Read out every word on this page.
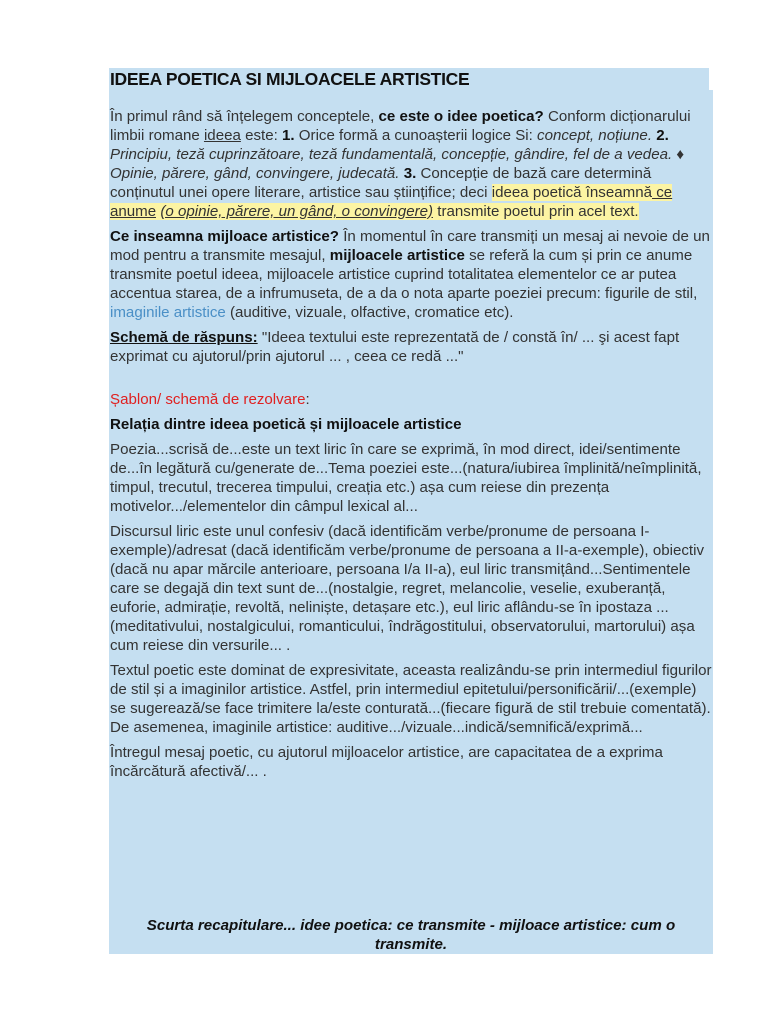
IDEEA POETICA SI MIJLOACELE ARTISTICE

În primul rând să înțelegem conceptele, ce este o idee poetica? Conform dicționarului limbii romane ideea este: 1. Orice formă a cunoașterii logice Si: concept, noțiune. 2. Principiu, teză cuprinzătoare, teză fundamentală, concepție, gândire, fel de a vedea. ♦ Opinie, părere, gând, convingere, judecată. 3. Concepție de bază care determină conținutul unei opere literare, artistice sau științifice; deci ideea poetică înseamnă ce anume (o opinie, părere, un gând, o convingere) transmite poetul prin acel text.

Ce inseamna mijloace artistice? În momentul în care transmiți un mesaj ai nevoie de un mod pentru a transmite mesajul, mijloacele artistice se referă la cum și prin ce anume transmite poetul ideea, mijloacele artistice cuprind totalitatea elementelor ce ar putea accentua starea, de a infrumuseta, de a da o nota aparte poeziei precum: figurile de stil, imaginile artistice (auditive, vizuale, olfactive, cromatice etc).

Schemă de răspuns: "Ideea textului este reprezentată de / constă în/ ... şi acest fapt exprimat cu ajutorul/prin ajutorul ... , ceea ce redă ..."

Șablon/ schemă de rezolvare:

Relația dintre ideea poetică și mijloacele artistice

Poezia...scrisă de...este un text liric în care se exprimă, în mod direct, idei/sentimente de...în legătură cu/generate de...Tema poeziei este...(natura/iubirea împlinită/neîmplinită, timpul, trecutul, trecerea timpului, creația etc.) așa cum reiese din prezența motivelor.../elementelor din câmpul lexical al...

Discursul liric este unul confesiv (dacă identificăm verbe/pronume de persoana I-exemple)/adresat (dacă identificăm verbe/pronume de persoana a II-a-exemple), obiectiv (dacă nu apar mărcile anterioare, persoana I/a II-a), eul liric transmițând...Sentimentele care se degajă din text sunt de...(nostalgie, regret, melancolie, veselie, exuberanță, euforie, admirație, revoltă, neliniște, detașare etc.), eul liric aflându-se în ipostaza ...(meditativului, nostalgicului, romanticului, îndrăgostitului, observatorului, martorului) așa cum reiese din versurile... .

Textul poetic este dominat de expresivitate, aceasta realizându-se prin intermediul figurilor de stil și a imaginilor artistice. Astfel, prin intermediul epitetului/personificării/...(exemple) se sugerează/se face trimitere la/este conturată...(fiecare figură de stil trebuie comentată). De asemenea, imaginile artistice: auditive.../vizuale...indică/semnifică/exprimă...

Întregul mesaj poetic, cu ajutorul mijloacelor artistice, are capacitatea de a exprima încărcătură afectivă/... .

Scurta recapitulare... idee poetica: ce transmite - mijloace artistice: cum o transmite.
